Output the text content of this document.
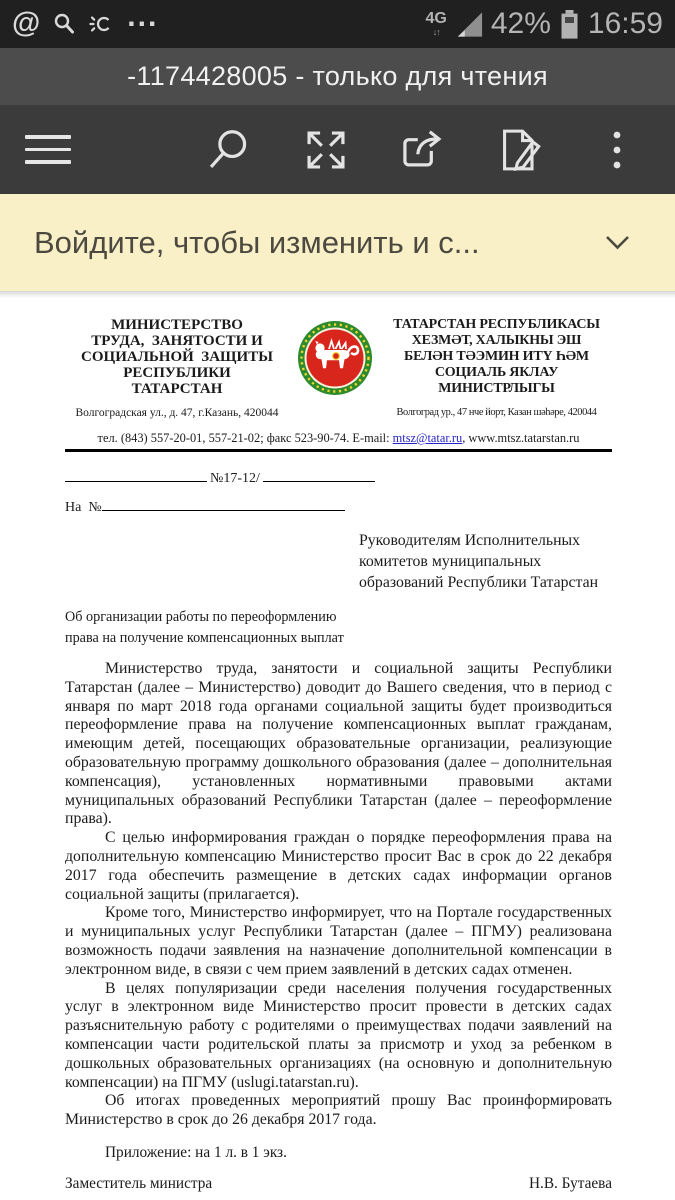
@	...	4G
↓↑ 42% 16:59
-1174428005 - только для чтения
Войдите, чтобы изменить и с...
МИНИСТЕРСТВО
ТРУДА,  ЗАНЯТОСТИ И
СОЦИАЛЬНОЙ  ЗАЩИТЫ
РЕСПУБЛИКИ
ТАТАРСТАН
Волгоградская ул., д. 47, г.Казань, 420044
ТАТАРСТАН РЕСПУБЛИКАСЫ
ХЕЗМӘТ, ХАЛЫКНЫ ЭШ
БЕЛӘН ТӘЭМИН ИТҮ ҺӘМ
СОЦИАЛЬ ЯКЛАУ
МИНИСТРЛЫГЫ
Волгоград ур., 47 нче йорт, Казан шәһәре, 420044
тел. (843) 557-20-01, 557-21-02; факс 523-90-74. E-mail: mtsz@tatar.ru, www.mtsz.tatarstan.ru
№17-12/
На  №
Руководителям Исполнительных
комитетов муниципальных
образований Республики Татарстан
Об организации работы по переоформлению
права на получение компенсационных выплат

Министерство труда, занятости и социальной защиты Республики Татарстан (далее – Министерство) доводит до Вашего сведения, что в период с января по март 2018 года органами социальной защиты будет производиться переоформление права на получение компенсационных выплат гражданам, имеющим детей, посещающих образовательные организации, реализующие образовательную программу дошкольного образования (далее – дополнительная компенсация), установленных нормативными правовыми актами муниципальных образований Республики Татарстан (далее – переоформление права).

С целью информирования граждан о порядке переоформления права на дополнительную компенсацию Министерство просит Вас в срок до 22 декабря 2017 года обеспечить размещение в детских садах информации органов социальной защиты (прилагается).

Кроме того, Министерство информирует, что на Портале государственных и муниципальных услуг Республики Татарстан (далее – ПГМУ) реализована возможность подачи заявления на назначение дополнительной компенсации в электронном виде, в связи с чем прием заявлений в детских садах отменен.

В целях популяризации среди населения получения государственных услуг в электронном виде Министерство просит провести в детских садах разъяснительную работу с родителями о преимуществах подачи заявлений на компенсации части родительской платы за присмотр и уход за ребенком в дошкольных образовательных организациях (на основную и дополнительную компенсации) на ПГМУ (uslugi.tatarstan.ru).

Об итогах проведенных мероприятий прошу Вас проинформировать Министерство в срок до 26 декабря 2017 года.

Приложение: на 1 л. в 1 экз.

Заместитель министра	Н.В. Бутаева
